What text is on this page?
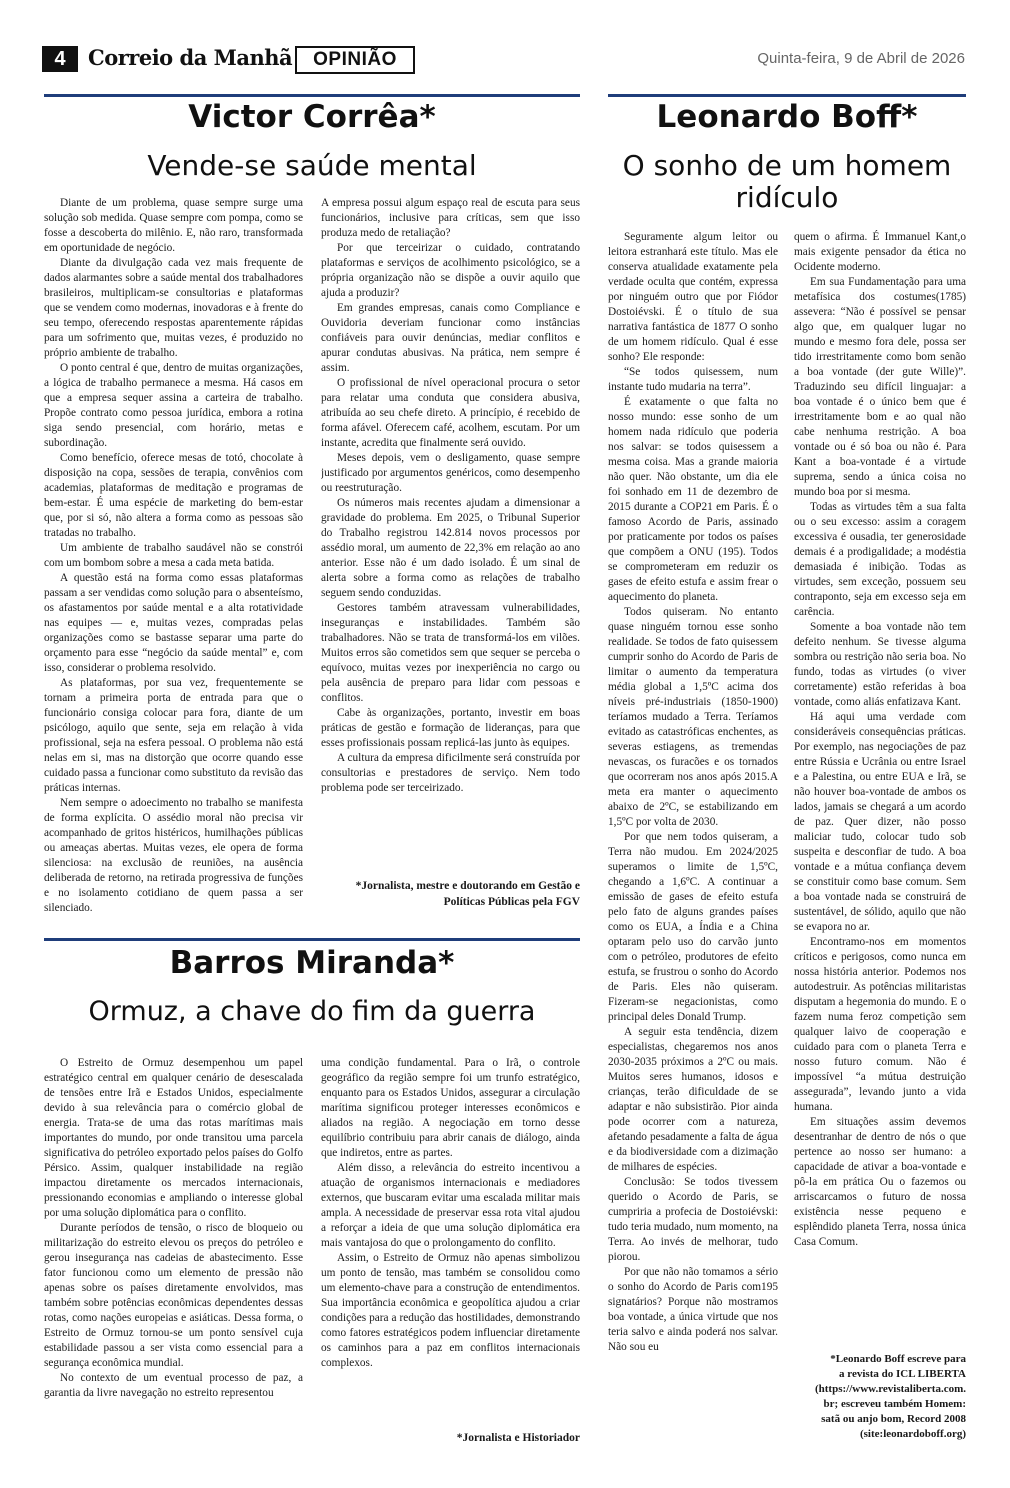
4	Correio da Manhã	OPINIÃO	Quinta-feira, 9 de Abril de 2026
Victor Corrêa*
Vende-se saúde mental

Diante de um problema, quase sempre surge uma solução sob medida. Quase sempre com pompa, como se fosse a descoberta do milênio. E, não raro, transformada em oportunidade de negócio.

Diante da divulgação cada vez mais frequente de dados alarmantes sobre a saúde mental dos trabalhadores brasileiros, multiplicam-se consultorias e plataformas que se vendem como modernas, inovadoras e à frente do seu tempo, oferecendo respostas aparentemente rápidas para um sofrimento que, muitas vezes, é produzido no próprio ambiente de trabalho.

O ponto central é que, dentro de muitas organizações, a lógica de trabalho permanece a mesma. Há casos em que a empresa sequer assina a carteira de trabalho. Propõe contrato como pessoa jurídica, embora a rotina siga sendo presencial, com horário, metas e subordinação.

Como benefício, oferece mesas de totó, chocolate à disposição na copa, sessões de terapia, convênios com academias, plataformas de meditação e programas de bem-estar. É uma espécie de marketing do bem-estar que, por si só, não altera a forma como as pessoas são tratadas no trabalho.

Um ambiente de trabalho saudável não se constrói com um bombom sobre a mesa a cada meta batida.

A questão está na forma como essas plataformas passam a ser vendidas como solução para o absenteísmo, os afastamentos por saúde mental e a alta rotatividade nas equipes — e, muitas vezes, compradas pelas organizações como se bastasse separar uma parte do orçamento para esse “negócio da saúde mental” e, com isso, considerar o problema resolvido.

As plataformas, por sua vez, frequentemente se tornam a primeira porta de entrada para que o funcionário consiga colocar para fora, diante de um psicólogo, aquilo que sente, seja em relação à vida profissional, seja na esfera pessoal. O problema não está nelas em si, mas na distorção que ocorre quando esse cuidado passa a funcionar como substituto da revisão das práticas internas.

Nem sempre o adoecimento no trabalho se manifesta de forma explícita. O assédio moral não precisa vir acompanhado de gritos histéricos, humilhações públicas ou ameaças abertas. Muitas vezes, ele opera de forma silenciosa: na exclusão de reuniões, na ausência deliberada de retorno, na retirada progressiva de funções e no isolamento cotidiano de quem passa a ser silenciado.

A empresa possui algum espaço real de escuta para seus funcionários, inclusive para críticas, sem que isso produza medo de retaliação?

Por que terceirizar o cuidado, contratando plataformas e serviços de acolhimento psicológico, se a própria organização não se dispõe a ouvir aquilo que ajuda a produzir?

Em grandes empresas, canais como Compliance e Ouvidoria deveriam funcionar como instâncias confiáveis para ouvir denúncias, mediar conflitos e apurar condutas abusivas. Na prática, nem sempre é assim.

O profissional de nível operacional procura o setor para relatar uma conduta que considera abusiva, atribuída ao seu chefe direto. A princípio, é recebido de forma afável. Oferecem café, acolhem, escutam. Por um instante, acredita que finalmente será ouvido.

Meses depois, vem o desligamento, quase sempre justificado por argumentos genéricos, como desempenho ou reestruturação.

Os números mais recentes ajudam a dimensionar a gravidade do problema. Em 2025, o Tribunal Superior do Trabalho registrou 142.814 novos processos por assédio moral, um aumento de 22,3% em relação ao ano anterior. Esse não é um dado isolado. É um sinal de alerta sobre a forma como as relações de trabalho seguem sendo conduzidas.

Gestores também atravessam vulnerabilidades, inseguranças e instabilidades. Também são trabalhadores. Não se trata de transformá-los em vilões. Muitos erros são cometidos sem que sequer se perceba o equívoco, muitas vezes por inexperiência no cargo ou pela ausência de preparo para lidar com pessoas e conflitos.

Cabe às organizações, portanto, investir em boas práticas de gestão e formação de lideranças, para que esses profissionais possam replicá-las junto às equipes.

A cultura da empresa dificilmente será construída por consultorias e prestadores de serviço. Nem todo problema pode ser terceirizado.

*Jornalista, mestre e doutorando em Gestão e
Políticas Públicas pela FGV
Barros Miranda*
Ormuz, a chave do fim da guerra

O Estreito de Ormuz desempenhou um papel estratégico central em qualquer cenário de desescalada de tensões entre Irã e Estados Unidos, especialmente devido à sua relevância para o comércio global de energia. Trata-se de uma das rotas marítimas mais importantes do mundo, por onde transitou uma parcela significativa do petróleo exportado pelos países do Golfo Pérsico. Assim, qualquer instabilidade na região impactou diretamente os mercados internacionais, pressionando economias e ampliando o interesse global por uma solução diplomática para o conflito.

Durante períodos de tensão, o risco de bloqueio ou militarização do estreito elevou os preços do petróleo e gerou insegurança nas cadeias de abastecimento. Esse fator funcionou como um elemento de pressão não apenas sobre os países diretamente envolvidos, mas também sobre potências econômicas dependentes dessas rotas, como nações europeias e asiáticas. Dessa forma, o Estreito de Ormuz tornou-se um ponto sensível cuja estabilidade passou a ser vista como essencial para a segurança econômica mundial.

No contexto de um eventual processo de paz, a garantia da livre navegação no estreito representou

uma condição fundamental. Para o Irã, o controle geográfico da região sempre foi um trunfo estratégico, enquanto para os Estados Unidos, assegurar a circulação marítima significou proteger interesses econômicos e aliados na região. A negociação em torno desse equilíbrio contribuiu para abrir canais de diálogo, ainda que indiretos, entre as partes.

Além disso, a relevância do estreito incentivou a atuação de organismos internacionais e mediadores externos, que buscaram evitar uma escalada militar mais ampla. A necessidade de preservar essa rota vital ajudou a reforçar a ideia de que uma solução diplomática era mais vantajosa do que o prolongamento do conflito.

Assim, o Estreito de Ormuz não apenas simbolizou um ponto de tensão, mas também se consolidou como um elemento-chave para a construção de entendimentos. Sua importância econômica e geopolítica ajudou a criar condições para a redução das hostilidades, demonstrando como fatores estratégicos podem influenciar diretamente os caminhos para a paz em conflitos internacionais complexos.

*Jornalista e Historiador
Leonardo Boff*
O sonho de um homem ridículo

Seguramente algum leitor ou leitora estranhará este título. Mas ele conserva atualidade exatamente pela verdade oculta que contém, expressa por ninguém outro que por Fiódor Dostoiévski. É o título de sua narrativa fantástica de 1877 O sonho de um homem ridículo. Qual é esse sonho? Ele responde:

“Se todos quisessem, num instante tudo mudaria na terra”.

É exatamente o que falta no nosso mundo: esse sonho de um homem nada ridículo que poderia nos salvar: se todos quisessem a mesma coisa. Mas a grande maioria não quer. Não obstante, um dia ele foi sonhado em 11 de dezembro de 2015 durante a COP21 em Paris. É o famoso Acordo de Paris, assinado por praticamente por todos os países que compõem a ONU (195). Todos se comprometeram em reduzir os gases de efeito estufa e assim frear o aquecimento do planeta.

Todos quiseram. No entanto quase ninguém tornou esse sonho realidade. Se todos de fato quisessem cumprir sonho do Acordo de Paris de limitar o aumento da temperatura média global a 1,5ºC acima dos níveis pré-industriais (1850-1900) teríamos mudado a Terra. Teríamos evitado as catastróficas enchentes, as severas estiagens, as tremendas nevascas, os furacões e os tornados que ocorreram nos anos após 2015.A meta era manter o aquecimento abaixo de 2ºC, se estabilizando em 1,5ºC por volta de 2030.

Por que nem todos quiseram, a Terra não mudou. Em 2024/2025 superamos o limite de 1,5ºC, chegando a 1,6ºC. A continuar a emissão de gases de efeito estufa pelo fato de alguns grandes países como os EUA, a Índia e a China optaram pelo uso do carvão junto com o petróleo, produtores de efeito estufa, se frustrou o sonho do Acordo de Paris. Eles não quiseram. Fizeram-se negacionistas, como principal deles Donald Trump.

A seguir esta tendência, dizem especialistas, chegaremos nos anos 2030-2035 próximos a 2ºC ou mais. Muitos seres humanos, idosos e crianças, terão dificuldade de se adaptar e não subsistirão. Pior ainda pode ocorrer com a natureza, afetando pesadamente a falta de água e da biodiversidade com a dizimação de milhares de espécies.

Conclusão: Se todos tivessem querido o Acordo de Paris, se cumpriria a profecia de Dostoiévski: tudo teria mudado, num momento, na Terra. Ao invés de melhorar, tudo piorou.

Por que não não tomamos a sério o sonho do Acordo de Paris com195 signatários? Porque não mostramos boa vontade, a única virtude que nos teria salvo e ainda poderá nos salvar. Não sou eu

quem o afirma. É Immanuel Kant,o mais exigente pensador da ética no Ocidente moderno.

Em sua Fundamentação para uma metafísica dos costumes(1785) assevera: “Não é possível se pensar algo que, em qualquer lugar no mundo e mesmo fora dele, possa ser tido irrestritamente como bom senão a boa vontade (der gute Wille)”. Traduzindo seu difícil linguajar: a boa vontade é o único bem que é irrestritamente bom e ao qual não cabe nenhuma restrição. A boa vontade ou é só boa ou não é. Para Kant a boa-vontade é a virtude suprema, sendo a única coisa no mundo boa por si mesma.

Todas as virtudes têm a sua falta ou o seu excesso: assim a coragem excessiva é ousadia, ter generosidade demais é a prodigalidade; a modéstia demasiada é inibição. Todas as virtudes, sem exceção, possuem seu contraponto, seja em excesso seja em carência.

Somente a boa vontade não tem defeito nenhum. Se tivesse alguma sombra ou restrição não seria boa. No fundo, todas as virtudes (o viver corretamente) estão referidas à boa vontade, como aliás enfatizava Kant.

Há aqui uma verdade com consideráveis consequências práticas. Por exemplo, nas negociações de paz entre Rússia e Ucrânia ou entre Israel e a Palestina, ou entre EUA e Irã, se não houver boa-vontade de ambos os lados, jamais se chegará a um acordo de paz. Quer dizer, não posso maliciar tudo, colocar tudo sob suspeita e desconfiar de tudo. A boa vontade e a mútua confiança devem se constituir como base comum. Sem a boa vontade nada se construirá de sustentável, de sólido, aquilo que não se evapora no ar.

Encontramo-nos em momentos críticos e perigosos, como nunca em nossa história anterior. Podemos nos autodestruir. As potências militaristas disputam a hegemonia do mundo. E o fazem numa feroz competição sem qualquer laivo de cooperação e cuidado para com o planeta Terra e nosso futuro comum. Não é impossível “a mútua destruição assegurada”, levando junto a vida humana.

Em situações assim devemos desentranhar de dentro de nós o que pertence ao nosso ser humano: a capacidade de ativar a boa-vontade e pô-la em prática Ou o fazemos ou arriscarcamos o futuro de nossa existência nesse pequeno e esplêndido planeta Terra, nossa única Casa Comum.

*Leonardo Boff escreve para
a revista do ICL LIBERTA
(https://www.revistaliberta.com.
br; escreveu também Homem:
satã ou anjo bom, Record 2008
(site:leonardoboff.org)
